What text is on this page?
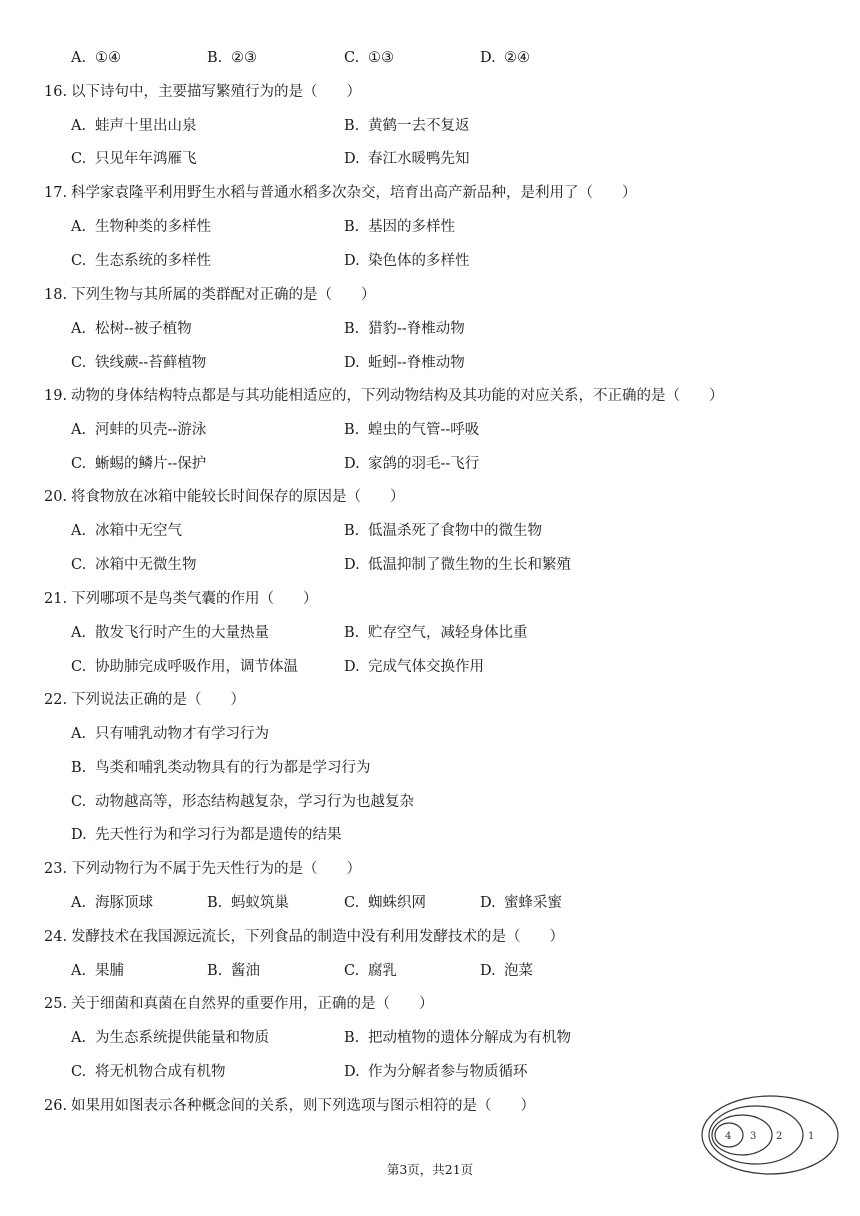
A. ①④	B. ②③	C. ①③	D. ②④
16. 以下诗句中，主要描写繁殖行为的是（　　）
A. 蛙声十里出山泉	B. 黄鹤一去不复返
C. 只见年年鸿雁飞	D. 春江水暖鸭先知
17. 科学家袁隆平利用野生水稻与普通水稻多次杂交，培育出高产新品种，是利用了（　　）
A. 生物种类的多样性	B. 基因的多样性
C. 生态系统的多样性	D. 染色体的多样性
18. 下列生物与其所属的类群配对正确的是（　　）
A. 松树--被子植物	B. 猎豹--脊椎动物
C. 铁线蕨--苔藓植物	D. 蚯蚓--脊椎动物
19. 动物的身体结构特点都是与其功能相适应的，下列动物结构及其功能的对应关系，不正确的是（　　）
A. 河蚌的贝壳--游泳	B. 蝗虫的气管--呼吸
C. 蜥蜴的鳞片--保护	D. 家鸽的羽毛--飞行
20. 将食物放在冰箱中能较长时间保存的原因是（　　）
A. 冰箱中无空气	B. 低温杀死了食物中的微生物
C. 冰箱中无微生物	D. 低温抑制了微生物的生长和繁殖
21. 下列哪项不是鸟类气囊的作用（　　）
A. 散发飞行时产生的大量热量	B. 贮存空气，减轻身体比重
C. 协助肺完成呼吸作用，调节体温	D. 完成气体交换作用
22. 下列说法正确的是（　　）
A. 只有哺乳动物才有学习行为
B. 鸟类和哺乳类动物具有的行为都是学习行为
C. 动物越高等，形态结构越复杂，学习行为也越复杂
D. 先天性行为和学习行为都是遗传的结果
23. 下列动物行为不属于先天性行为的是（　　）
A. 海豚顶球	B. 蚂蚁筑巢	C. 蜘蛛织网	D. 蜜蜂采蜜
24. 发酵技术在我国源远流长，下列食品的制造中没有利用发酵技术的是（　　）
A. 果脯	B. 酱油	C. 腐乳	D. 泡菜
25. 关于细菌和真菌在自然界的重要作用，正确的是（　　）
A. 为生态系统提供能量和物质	B. 把动植物的遗体分解成为有机物
C. 将无机物合成有机物	D. 作为分解者参与物质循环
26. 如果用如图表示各种概念间的关系，则下列选项与图示相符的是（　　）
4 3 2	1
第3页，共21页
